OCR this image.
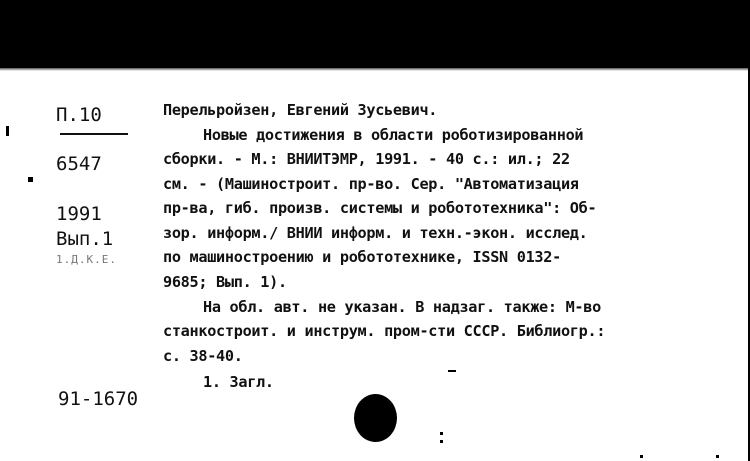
П.10
6547
1991
Вып.1
1.Д.К.Е.
91-1670
Перельройзен, Евгений Зусьевич.
Новые достижения в области роботизированной
сборки. - М.: ВНИИТЭМР, 1991. - 40 с.: ил.; 22
см. - (Машиностроит. пр-во. Сер. "Автоматизация
пр-ва, гиб. произв. системы и робототехника": Об-
зор. информ./ ВНИИ информ. и техн.-экон. исслед.
по машиностроению и робототехнике, ISSN 0132-
9685; Вып. 1).
На обл. авт. не указан. В надзаг. также: М-во
станкостроит. и инструм. пром-сти СССР. Библиогр.:
с. 38-40.
1. Загл.
